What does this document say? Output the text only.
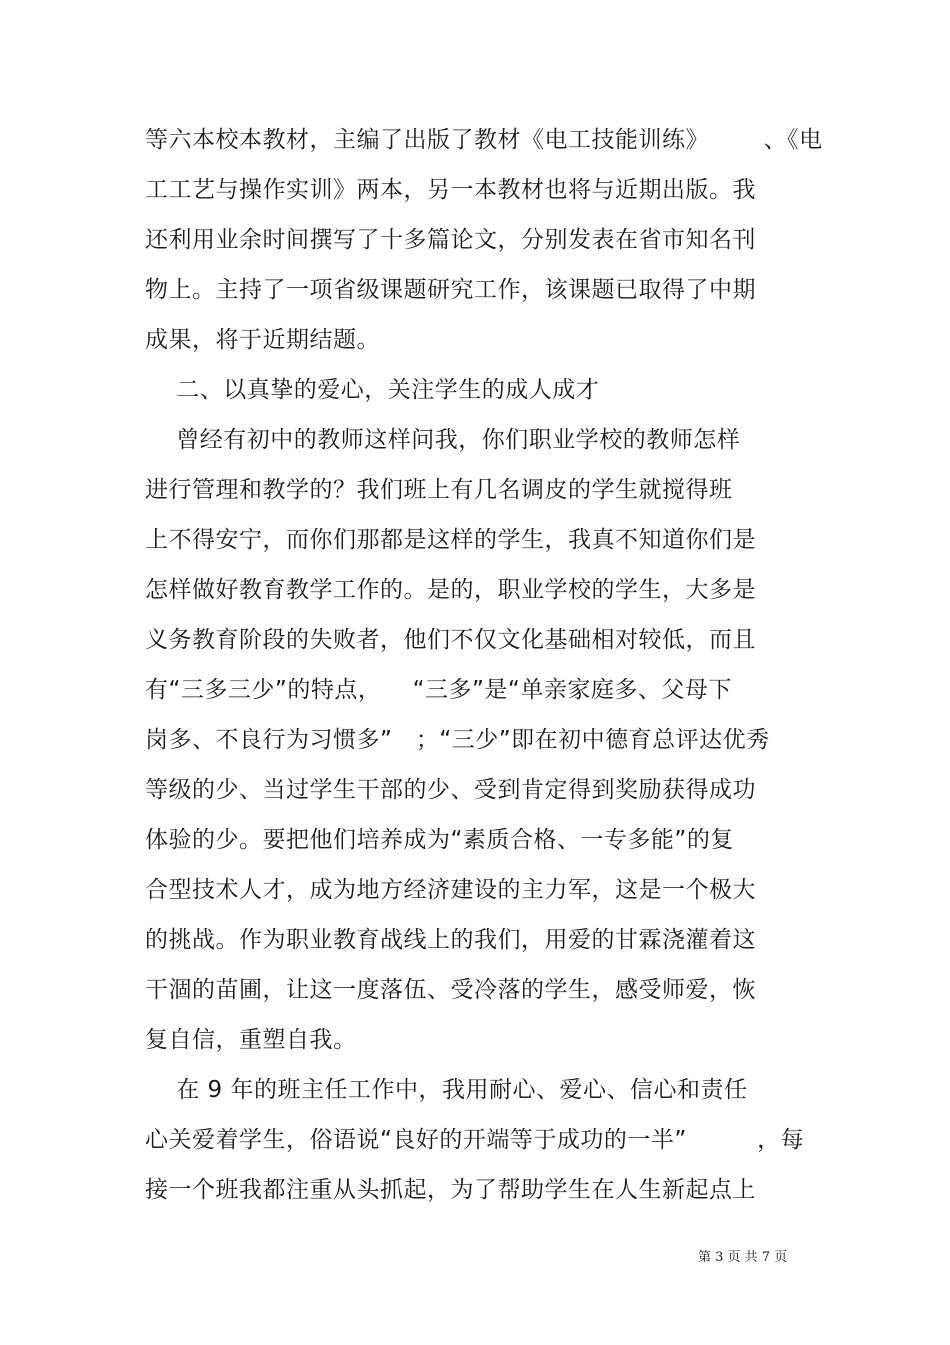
等六本校本教材，主编了出版了教材《电工技能训练》       、《电
工工艺与操作实训》两本，另一本教材也将与近期出版。我
还利用业余时间撰写了十多篇论文，分别发表在省市知名刊
物上。主持了一项省级课题研究工作，该课题已取得了中期
成果，将于近期结题。
二、以真挚的爱心，关注学生的成人成才
曾经有初中的教师这样问我，你们职业学校的教师怎样
进行管理和教学的？我们班上有几名调皮的学生就搅得班
上不得安宁，而你们那都是这样的学生，我真不知道你们是
怎样做好教育教学工作的。是的，职业学校的学生，大多是
义务教育阶段的失败者，他们不仅文化基础相对较低，而且
有“三多三少”的特点，    “三多”是“单亲家庭多、父母下
岗多、不良行为习惯多”   ；“三少”即在初中德育总评达优秀
等级的少、当过学生干部的少、受到肯定得到奖励获得成功
体验的少。要把他们培养成为“素质合格、一专多能”的复
合型技术人才，成为地方经济建设的主力军，这是一个极大
的挑战。作为职业教育战线上的我们，用爱的甘霖浇灌着这
干涸的苗圃，让这一度落伍、受冷落的学生，感受师爱，恢
复自信，重塑自我。
在 9 年的班主任工作中，我用耐心、爱心、信心和责任
心关爱着学生，俗语说“良好的开端等于成功的一半”         ，每
接一个班我都注重从头抓起，为了帮助学生在人生新起点上
第 3 页 共 7 页
